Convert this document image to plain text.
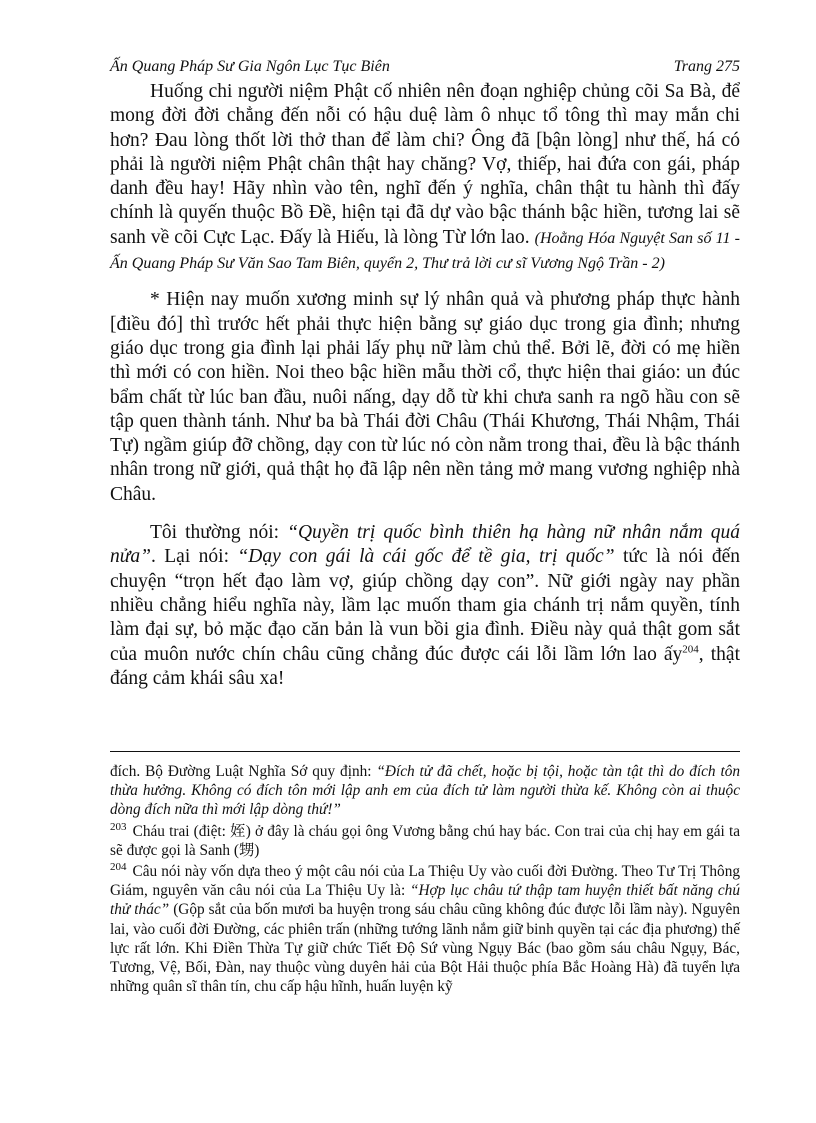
Ấn Quang Pháp Sư Gia Ngôn Lục Tục Biên	Trang 275

Huống chi người niệm Phật cố nhiên nên đoạn nghiệp chủng cõi Sa Bà, để mong đời đời chẳng đến nỗi có hậu duệ làm ô nhục tổ tông thì may mắn chi hơn? Đau lòng thốt lời thở than để làm chi? Ông đã [bận lòng] như thế, há có phải là người niệm Phật chân thật hay chăng? Vợ, thiếp, hai đứa con gái, pháp danh đều hay! Hãy nhìn vào tên, nghĩ đến ý nghĩa, chân thật tu hành thì đấy chính là quyến thuộc Bồ Đề, hiện tại đã dự vào bậc thánh bậc hiền, tương lai sẽ sanh về cõi Cực Lạc. Đấy là Hiếu, là lòng Từ lớn lao. (Hoằng Hóa Nguyệt San số 11 - Ấn Quang Pháp Sư Văn Sao Tam Biên, quyển 2, Thư trả lời cư sĩ Vương Ngộ Trần - 2)

* Hiện nay muốn xương minh sự lý nhân quả và phương pháp thực hành [điều đó] thì trước hết phải thực hiện bằng sự giáo dục trong gia đình; nhưng giáo dục trong gia đình lại phải lấy phụ nữ làm chủ thể. Bởi lẽ, đời có mẹ hiền thì mới có con hiền. Noi theo bậc hiền mẫu thời cổ, thực hiện thai giáo: un đúc bẩm chất từ lúc ban đầu, nuôi nấng, dạy dỗ từ khi chưa sanh ra ngõ hầu con sẽ tập quen thành tánh. Như ba bà Thái đời Châu (Thái Khương, Thái Nhậm, Thái Tự) ngầm giúp đỡ chồng, dạy con từ lúc nó còn nằm trong thai, đều là bậc thánh nhân trong nữ giới, quả thật họ đã lập nên nền tảng mở mang vương nghiệp nhà Châu.

Tôi thường nói: “Quyền trị quốc bình thiên hạ hàng nữ nhân nắm quá nửa”. Lại nói: “Dạy con gái là cái gốc để tề gia, trị quốc” tức là nói đến chuyện “trọn hết đạo làm vợ, giúp chồng dạy con”. Nữ giới ngày nay phần nhiều chẳng hiểu nghĩa này, lầm lạc muốn tham gia chánh trị nắm quyền, tính làm đại sự, bỏ mặc đạo căn bản là vun bồi gia đình. Điều này quả thật gom sắt của muôn nước chín châu cũng chẳng đúc được cái lỗi lầm lớn lao ấy$^{204}$, thật đáng cảm khái sâu xa!

đích. Bộ Đường Luật Nghĩa Sớ quy định: “Đích tử đã chết, hoặc bị tội, hoặc tàn tật thì do đích tôn thừa hưởng. Không có đích tôn mới lập anh em của đích tử làm người thừa kế. Không còn ai thuộc dòng đích nữa thì mới lập dòng thứ!”

$^{203}$ Cháu trai (điệt: 姪) ở đây là cháu gọi ông Vương bằng chú hay bác. Con trai của chị hay em gái ta sẽ được gọi là Sanh (甥)

$^{204}$ Câu nói này vốn dựa theo ý một câu nói của La Thiệu Uy vào cuối đời Đường. Theo Tư Trị Thông Giám, nguyên văn câu nói của La Thiệu Uy là: “Hợp lục châu tứ thập tam huyện thiết bất năng chú thử thác” (Gộp sắt của bốn mươi ba huyện trong sáu châu cũng không đúc được lỗi lầm này). Nguyên lai, vào cuối đời Đường, các phiên trấn (những tướng lãnh nắm giữ binh quyền tại các địa phương) thế lực rất lớn. Khi Điền Thừa Tự giữ chức Tiết Độ Sứ vùng Ngụy Bác (bao gồm sáu châu Ngụy, Bác, Tương, Vệ, Bối, Đàn, nay thuộc vùng duyên hải của Bột Hải thuộc phía Bắc Hoàng Hà) đã tuyển lựa những quân sĩ thân tín, chu cấp hậu hĩnh, huấn luyện kỹ
